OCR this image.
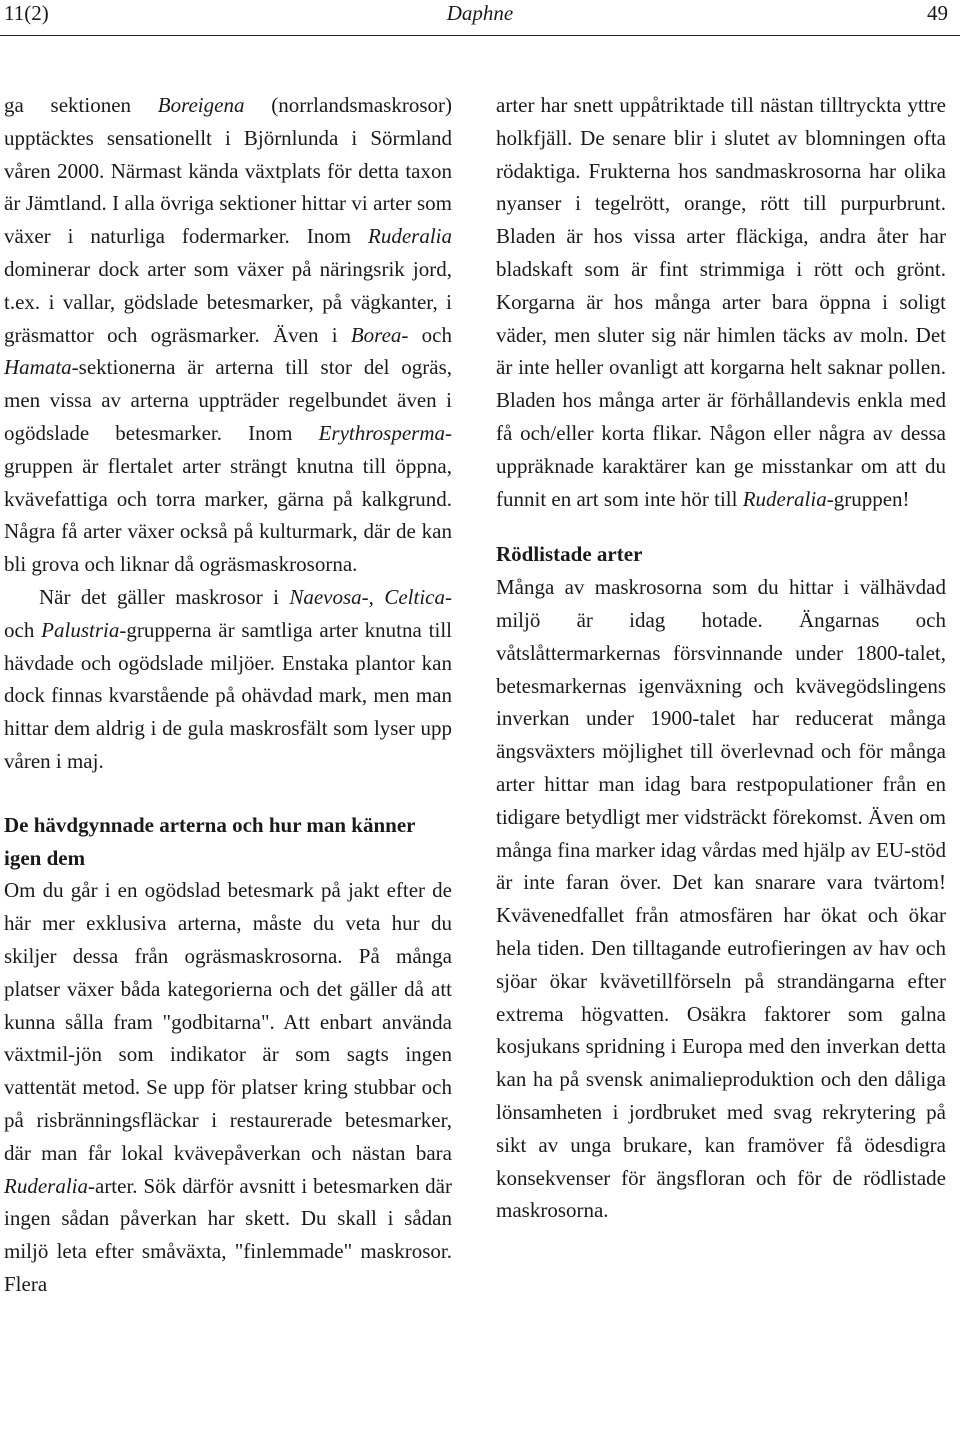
11(2)	Daphne	49

ga sektionen Boreigena (norrlandsmaskrosor) upptäcktes sensationellt i Björnlunda i Sörmland våren 2000. Närmast kända växtplats för detta taxon är Jämtland. I alla övriga sektioner hittar vi arter som växer i naturliga fodermarker. Inom Ruderalia dominerar dock arter som växer på näringsrik jord, t.ex. i vallar, gödslade betesmarker, på vägkanter, i gräsmattor och ogräsmarker. Även i Borea- och Hamata-sektionerna är arterna till stor del ogräs, men vissa av arterna uppträder regelbundet även i ogödslade betesmarker. Inom Erythrosperma- gruppen är flertalet arter strängt knutna till öppna, kvävefattiga och torra marker, gärna på kalkgrund. Några få arter växer också på kulturmark, där de kan bli grova och liknar då ogräsmaskrosorna.

När det gäller maskrosor i Naevosa-, Celtica- och Palustria-grupperna är samtliga arter knutna till hävdade och ogödslade miljöer. Enstaka plantor kan dock finnas kvarstående på ohävdad mark, men man hittar dem aldrig i de gula maskrosfält som lyser upp våren i maj.

De hävdgynnade arterna och hur man känner igen dem

Om du går i en ogödslad betesmark på jakt efter de här mer exklusiva arterna, måste du veta hur du skiljer dessa från ogräsmaskrosorna. På många platser växer båda kategorierna och det gäller då att kunna sålla fram "godbitarna". Att enbart använda växtmil-jön som indikator är som sagts ingen vattentät metod. Se upp för platser kring stubbar och på risbränningsfläckar i restaurerade betesmarker, där man får lokal kvävepåverkan och nästan bara Ruderalia-arter. Sök därför avsnitt i betesmarken där ingen sådan påverkan har skett. Du skall i sådan miljö leta efter småväxta, "finlemmade" maskrosor. Flera

arter har snett uppåtriktade till nästan tilltryckta yttre holkfjäll. De senare blir i slutet av blomningen ofta rödaktiga. Frukterna hos sandmaskrosorna har olika nyanser i tegelrött, orange, rött till purpurbrunt. Bladen är hos vissa arter fläckiga, andra åter har bladskaft som är fint strimmiga i rött och grönt. Korgarna är hos många arter bara öppna i soligt väder, men sluter sig när himlen täcks av moln. Det är inte heller ovanligt att korgarna helt saknar pollen. Bladen hos många arter är förhållandevis enkla med få och/eller korta flikar. Någon eller några av dessa uppräknade karaktärer kan ge misstankar om att du funnit en art som inte hör till Ruderalia-gruppen!

Rödlistade arter

Många av maskrosorna som du hittar i välhävdad miljö är idag hotade. Ängarnas och våtslåttermarkernas försvinnande under 1800-talet, betesmarkernas igenväxning och kvävegödslingens inverkan under 1900-talet har reducerat många ängsväxters möjlighet till överlevnad och för många arter hittar man idag bara restpopulationer från en tidigare betydligt mer vidsträckt förekomst. Även om många fina marker idag vårdas med hjälp av EU-stöd är inte faran över. Det kan snarare vara tvärtom! Kvävenedfallet från atmosfären har ökat och ökar hela tiden. Den tilltagande eutrofieringen av hav och sjöar ökar kvävetillförseln på strandängarna efter extrema högvatten. Osäkra faktorer som galna kosjukans spridning i Europa med den inverkan detta kan ha på svensk animalieproduktion och den dåliga lönsamheten i jordbruket med svag rekrytering på sikt av unga brukare, kan framöver få ödesdigra konsekvenser för ängsfloran och för de rödlistade maskrosorna.
